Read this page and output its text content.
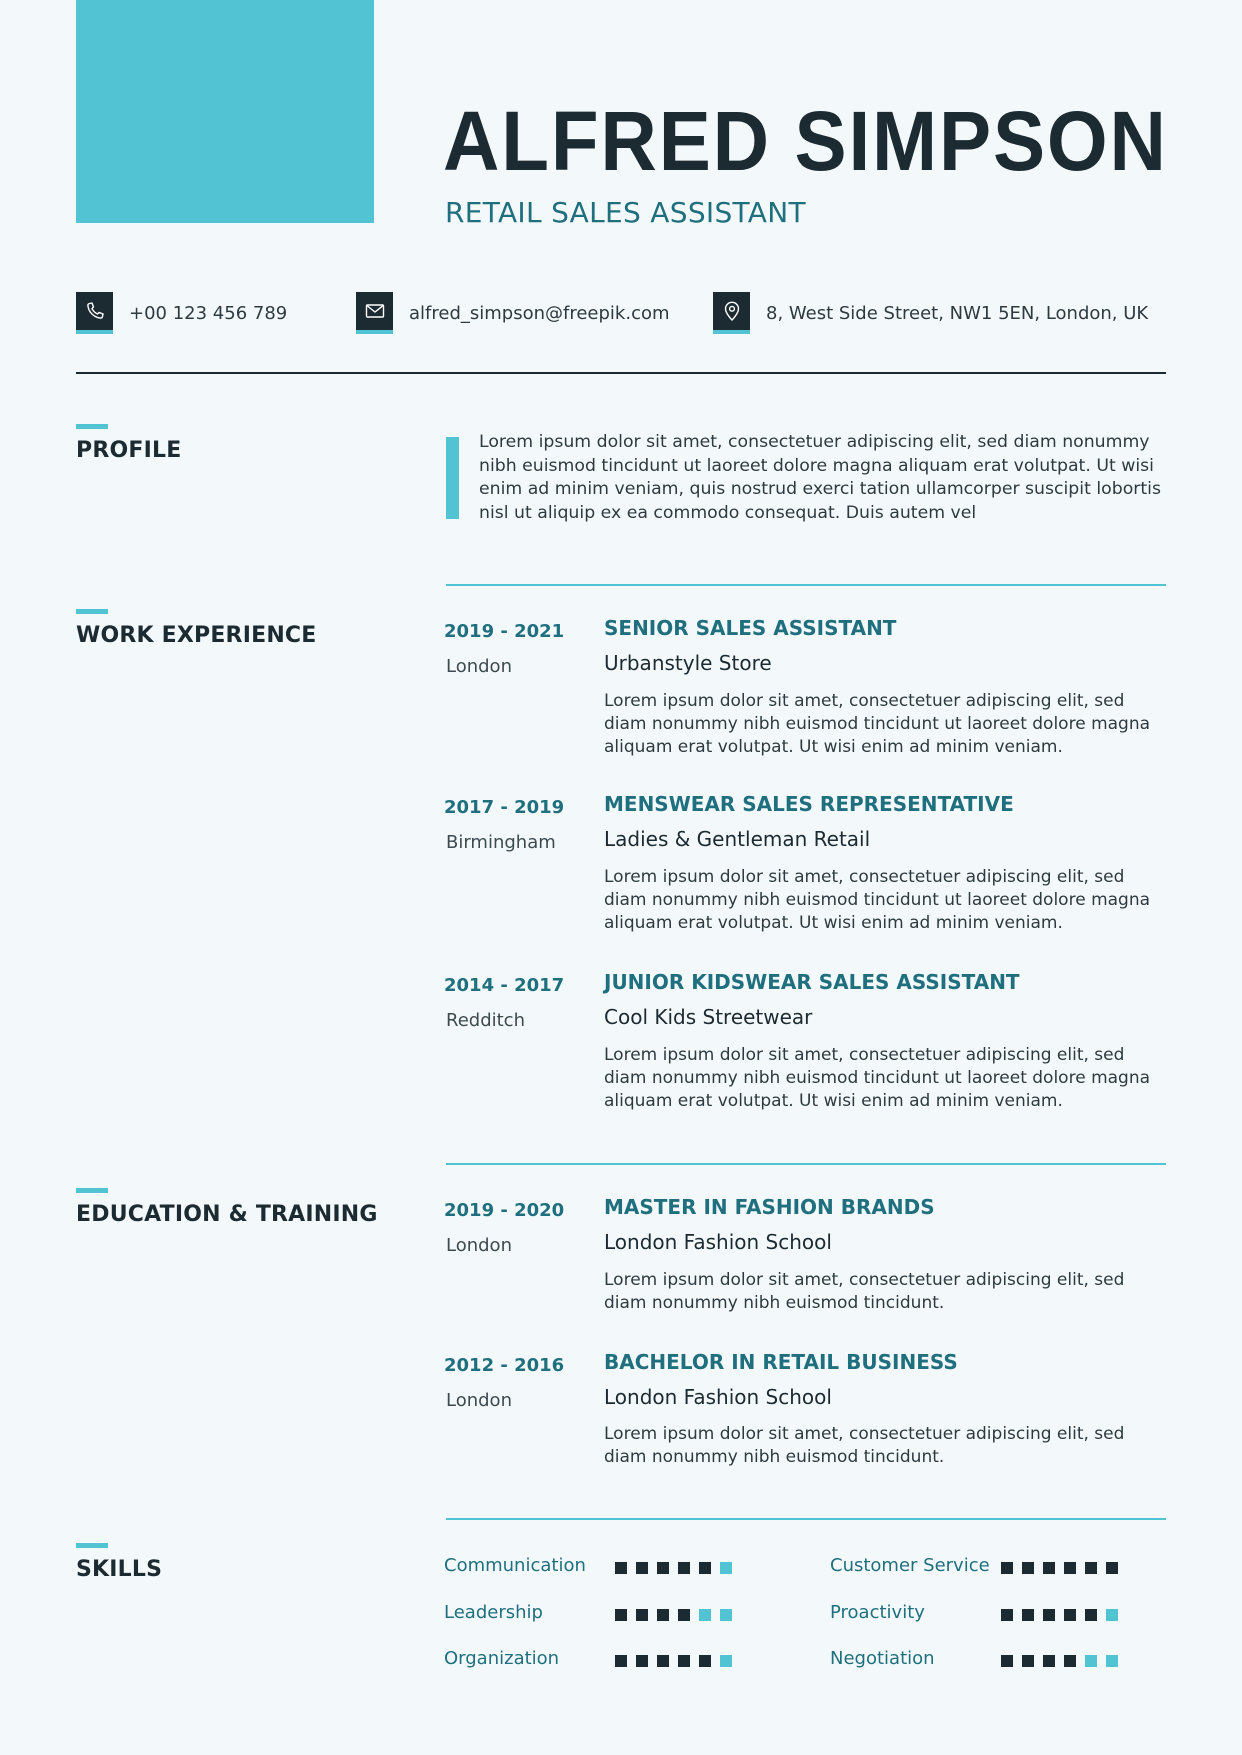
ALFRED SIMPSON
RETAIL SALES ASSISTANT
+00 123 456 789	alfred_simpson@freepik.com	8, West Side Street, NW1 5EN, London, UK
PROFILE	Lorem ipsum dolor sit amet, consectetuer adipiscing elit, sed diam nonummy nibh euismod tincidunt ut laoreet dolore magna aliquam erat volutpat. Ut wisi enim ad minim veniam, quis nostrud exerci tation ullamcorper suscipit lobortis nisl ut aliquip ex ea commodo consequat. Duis autem vel
WORK EXPERIENCE	2019 - 2021
London
SENIOR SALES ASSISTANT
Urbanstyle Store
Lorem ipsum dolor sit amet, consectetuer adipiscing elit, sed diam nonummy nibh euismod tincidunt ut laoreet dolore magna aliquam erat volutpat. Ut wisi enim ad minim veniam.
2017 - 2019
Birmingham
MENSWEAR SALES REPRESENTATIVE
Ladies & Gentleman Retail
Lorem ipsum dolor sit amet, consectetuer adipiscing elit, sed diam nonummy nibh euismod tincidunt ut laoreet dolore magna aliquam erat volutpat. Ut wisi enim ad minim veniam.
2014 - 2017
Redditch
JUNIOR KIDSWEAR SALES ASSISTANT
Cool Kids Streetwear
Lorem ipsum dolor sit amet, consectetuer adipiscing elit, sed diam nonummy nibh euismod tincidunt ut laoreet dolore magna aliquam erat volutpat. Ut wisi enim ad minim veniam.
EDUCATION & TRAINING	2019 - 2020
London
MASTER IN FASHION BRANDS
London Fashion School
Lorem ipsum dolor sit amet, consectetuer adipiscing elit, sed diam nonummy nibh euismod tincidunt.
2012 - 2016
London
BACHELOR IN RETAIL BUSINESS
London Fashion School
Lorem ipsum dolor sit amet, consectetuer adipiscing elit, sed diam nonummy nibh euismod tincidunt.
SKILLS	Communication	Customer Service
Leadership	Proactivity
Organization	Negotiation
